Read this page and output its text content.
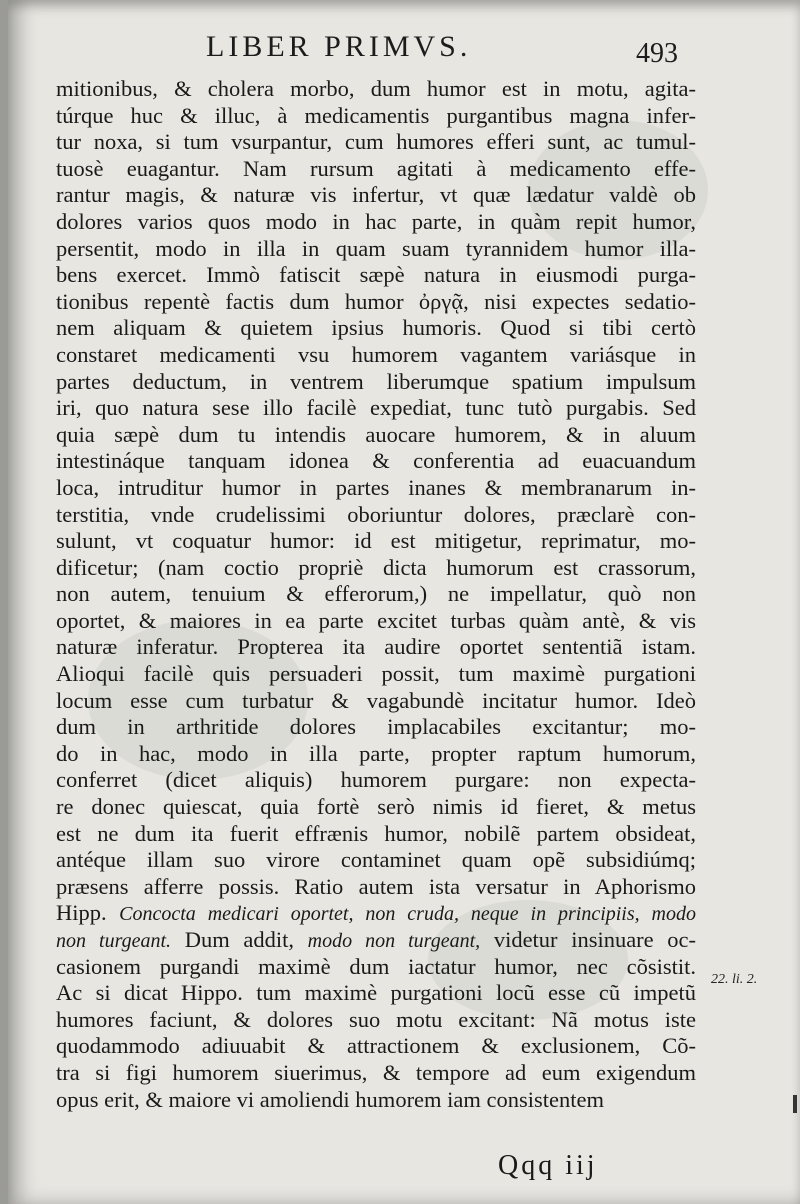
LIBER PRIMVS.	493
mitionibus, & cholera morbo, dum humor est in motu, agita-
túrque huc & illuc, à medicamentis purgantibus magna infer-
tur noxa, si tum vsurpantur, cum humores efferi sunt, ac tumul-
tuosè euagantur. Nam rursum agitati à medicamento effe-
rantur magis, & naturæ vis infertur, vt quæ lædatur valdè ob
dolores varios quos modo in hac parte, in quàm repit humor,
persentit, modo in illa in quam suam tyrannidem humor illa-
bens exercet. Immò fatiscit sæpè natura in eiusmodi purga-
tionibus repentè factis dum humor ὀργᾷ, nisi expectes sedatio-
nem aliquam & quietem ipsius humoris. Quod si tibi certò
constaret medicamenti vsu humorem vagantem variásque in
partes deductum, in ventrem liberumque spatium impulsum
iri, quo natura sese illo facilè expediat, tunc tutò purgabis. Sed
quia sæpè dum tu intendis auocare humorem, & in aluum
intestináque tanquam idonea & conferentia ad euacuandum
loca, intruditur humor in partes inanes & membranarum in-
terstitia, vnde crudelissimi oboriuntur dolores, præclarè con-
sulunt, vt coquatur humor: id est mitigetur, reprimatur, mo-
dificetur; (nam coctio propriè dicta humorum est crassorum,
non autem, tenuium & efferorum,) ne impellatur, quò non
oportet, & maiores in ea parte excitet turbas quàm antè, & vis
naturæ inferatur. Propterea ita audire oportet sententiã istam.
Alioqui facilè quis persuaderi possit, tum maximè purgationi
locum esse cum turbatur & vagabundè incitatur humor. Ideò
dum in arthritide dolores implacabiles excitantur; mo-
do in hac, modo in illa parte, propter raptum humorum,
conferret (dicet aliquis) humorem purgare: non expecta-
re donec quiescat, quia fortè serò nimis id fieret, & metus
est ne dum ita fuerit effrænis humor, nobilẽ partem obsideat,
antéque illam suo virore contaminet quam opẽ subsidiúmq;
præsens afferre possis. Ratio autem ista versatur in Aphorismo
Hipp. Concocta medicari oportet, non cruda, neque in principiis, modo
non turgeant. Dum addit, modo non turgeant, videtur insinuare oc-
casionem purgandi maximè dum iactatur humor, nec cõsistit.
Ac si dicat Hippo. tum maximè purgationi locũ esse cũ impetũ
humores faciunt, & dolores suo motu excitant: Nã motus iste
quodammodo adiuuabit & attractionem & exclusionem, Cõ-
tra si figi humorem siuerimus, & tempore ad eum exigendum
opus erit, & maiore vi amoliendi humorem iam consistentem
22. li. 2.
Qqq iij
